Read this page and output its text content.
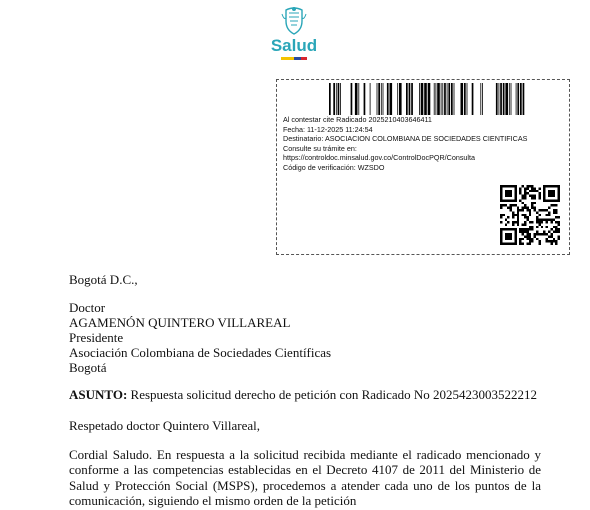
Salud
Al contestar cite Radicado 2025210403646411
Fecha: 11-12-2025 11:24:54
Destinatario: ASOCIACION COLOMBIANA DE SOCIEDADES CIENTIFICAS
Consulte su trámite en:
https://controldoc.minsalud.gov.co/ControlDocPQR/Consulta
Código de verificación: WZSDO
Bogotá D.C.,
Doctor
AGAMENÓN QUINTERO VILLAREAL
Presidente
Asociación Colombiana de Sociedades Científicas
Bogotá
ASUNTO: Respuesta solicitud derecho de petición con Radicado No 2025423003522212
Respetado doctor Quintero Villareal,
Cordial Saludo. En respuesta a la solicitud recibida mediante el radicado mencionado y conforme a las competencias establecidas en el Decreto 4107 de 2011 del Ministerio de Salud y Protección Social (MSPS), procedemos a atender cada uno de los puntos de la comunicación, siguiendo el mismo orden de la petición
